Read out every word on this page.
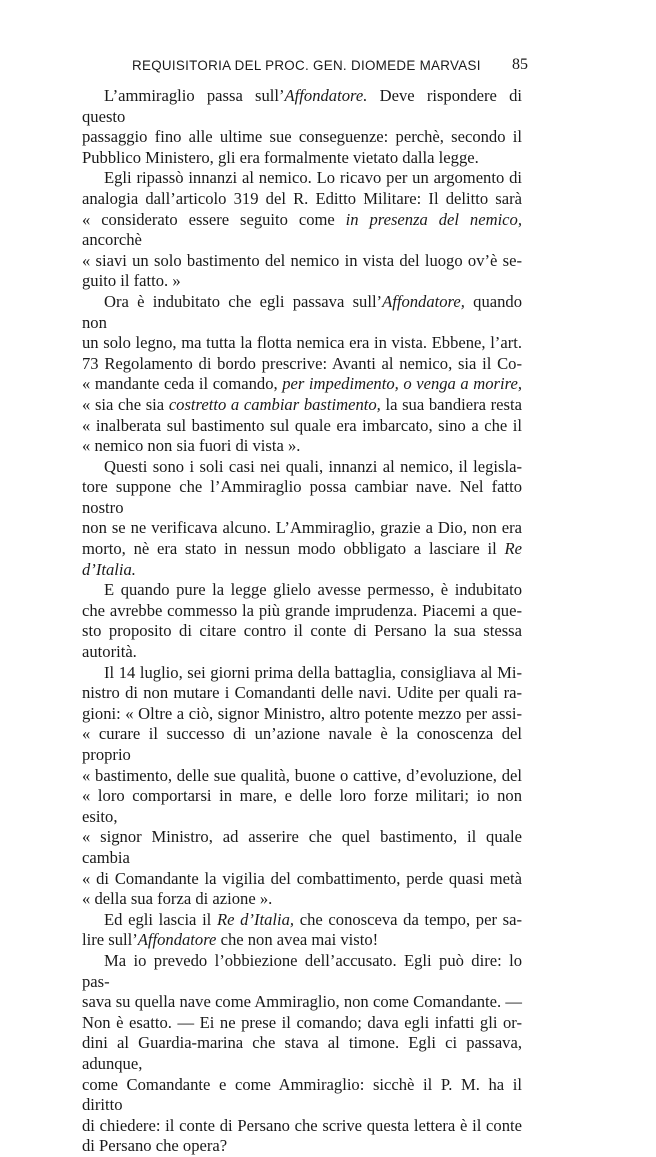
REQUISITORIA DEL PROC. GEN. DIOMEDE MARVASI 85
L’ammiraglio passa sull’Affondatore. Deve rispondere di questo
passaggio fino alle ultime sue conseguenze: perchè, secondo il
Pubblico Ministero, gli era formalmente vietato dalla legge.
Egli ripassò innanzi al nemico. Lo ricavo per un argomento di
analogia dall’articolo 319 del R. Editto Militare: Il delitto sarà
« considerato essere seguito come in presenza del nemico, ancorchè
« siavi un solo bastimento del nemico in vista del luogo ov’è se-
guito il fatto. »
Ora è indubitato che egli passava sull’Affondatore, quando non
un solo legno, ma tutta la flotta nemica era in vista. Ebbene, l’art.
73 Regolamento di bordo prescrive: Avanti al nemico, sia il Co-
« mandante ceda il comando, per impedimento, o venga a morire,
« sia che sia costretto a cambiar bastimento, la sua bandiera resta
« inalberata sul bastimento sul quale era imbarcato, sino a che il
« nemico non sia fuori di vista ».
Questi sono i soli casi nei quali, innanzi al nemico, il legisla-
tore suppone che l’Ammiraglio possa cambiar nave. Nel fatto nostro
non se ne verificava alcuno. L’Ammiraglio, grazie a Dio, non era
morto, nè era stato in nessun modo obbligato a lasciare il Re d’Italia.
E quando pure la legge glielo avesse permesso, è indubitato
che avrebbe commesso la più grande imprudenza. Piacemi a que-
sto proposito di citare contro il conte di Persano la sua stessa
autorità.
Il 14 luglio, sei giorni prima della battaglia, consigliava al Mi-
nistro di non mutare i Comandanti delle navi. Udite per quali ra-
gioni: « Oltre a ciò, signor Ministro, altro potente mezzo per assi-
« curare il successo di un’azione navale è la conoscenza del proprio
« bastimento, delle sue qualità, buone o cattive, d’evoluzione, del
« loro comportarsi in mare, e delle loro forze militari; io non esito,
« signor Ministro, ad asserire che quel bastimento, il quale cambia
« di Comandante la vigilia del combattimento, perde quasi metà
« della sua forza di azione ».
Ed egli lascia il Re d’Italia, che conosceva da tempo, per sa-
lire sull’Affondatore che non avea mai visto!
Ma io prevedo l’obbiezione dell’accusato. Egli può dire: lo pas-
sava su quella nave come Ammiraglio, non come Comandante. —
Non è esatto. — Ei ne prese il comando; dava egli infatti gli or-
dini al Guardia-marina che stava al timone. Egli ci passava, adunque,
come Comandante e come Ammiraglio: sicchè il P. M. ha il diritto
di chiedere: il conte di Persano che scrive questa lettera è il conte
di Persano che opera?
